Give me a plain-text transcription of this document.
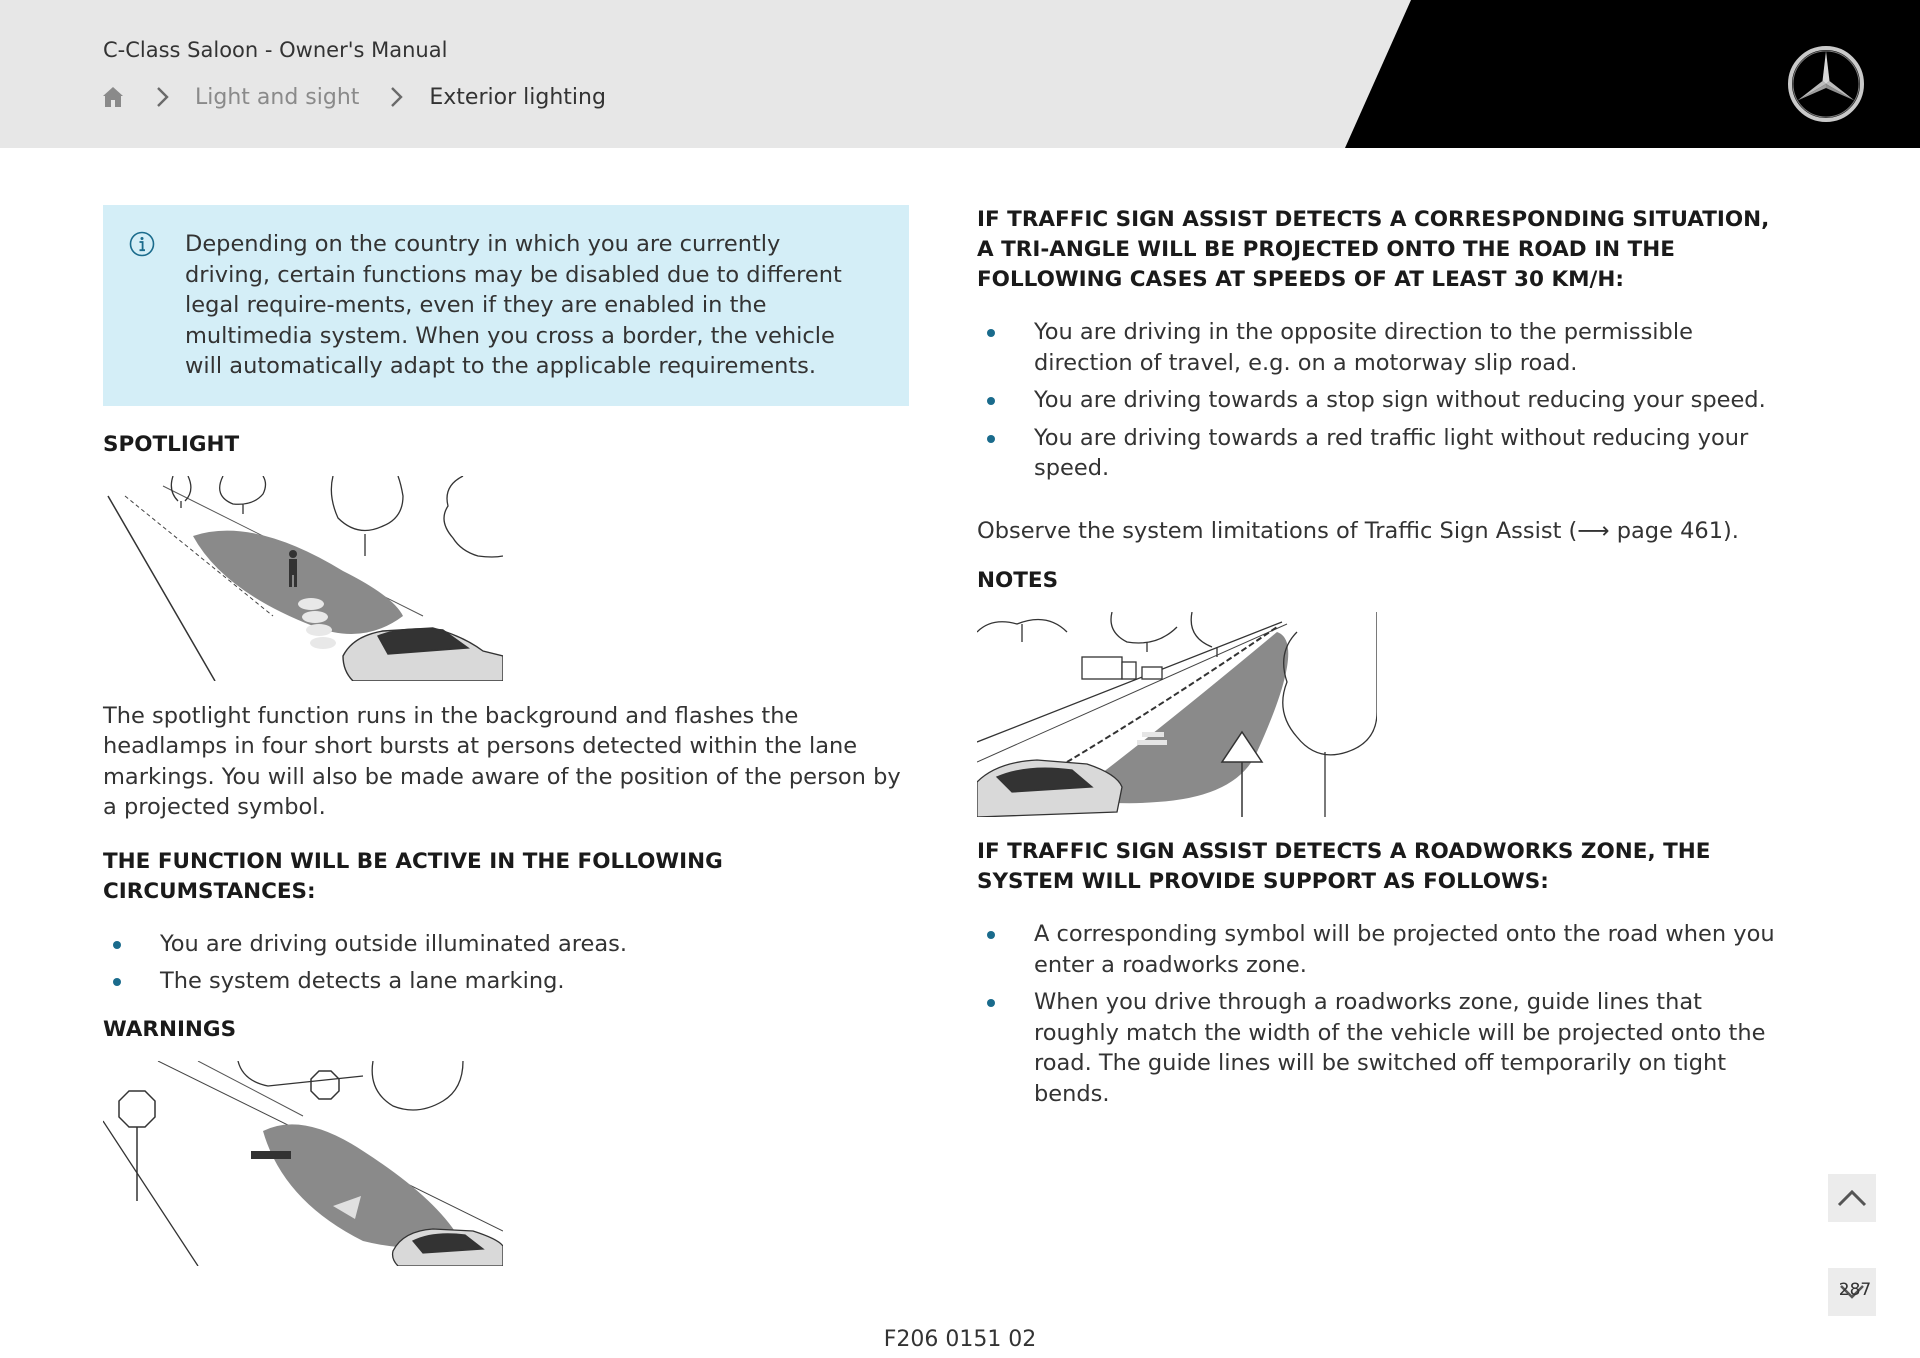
C-Class Saloon - Owner's Manual
Light and sight	Exterior lighting
Depending on the country in which you are currently driving, certain functions may be disabled due to different legal require-ments, even if they are enabled in the multimedia system. When you cross a border, the vehicle will automatically adapt to the applicable requirements.
SPOTLIGHT

The spotlight function runs in the background and flashes the headlamps in four short bursts at persons detected within the lane markings. You will also be made aware of the position of the person by a projected symbol.

THE FUNCTION WILL BE ACTIVE IN THE FOLLOWING CIRCUMSTANCES:
You are driving outside illuminated areas.
The system detects a lane marking.
WARNINGS
IF TRAFFIC SIGN ASSIST DETECTS A CORRESPONDING SITUATION, A TRI-ANGLE WILL BE PROJECTED ONTO THE ROAD IN THE FOLLOWING CASES AT SPEEDS OF AT LEAST 30 KM/H:
You are driving in the opposite direction to the permissible direction of travel, e.g. on a motorway slip road.
You are driving towards a stop sign without reducing your speed.
You are driving towards a red traffic light without reducing your speed.

Observe the system limitations of Traffic Sign Assist (⟶ page 461).

NOTES
IF TRAFFIC SIGN ASSIST DETECTS A ROADWORKS ZONE, THE SYSTEM WILL PROVIDE SUPPORT AS FOLLOWS:
A corresponding symbol will be projected onto the road when you enter a roadworks zone.
When you drive through a roadworks zone, guide lines that roughly match the width of the vehicle will be projected onto the road. The guide lines will be switched off temporarily on tight bends.
287
F206 0151 02
